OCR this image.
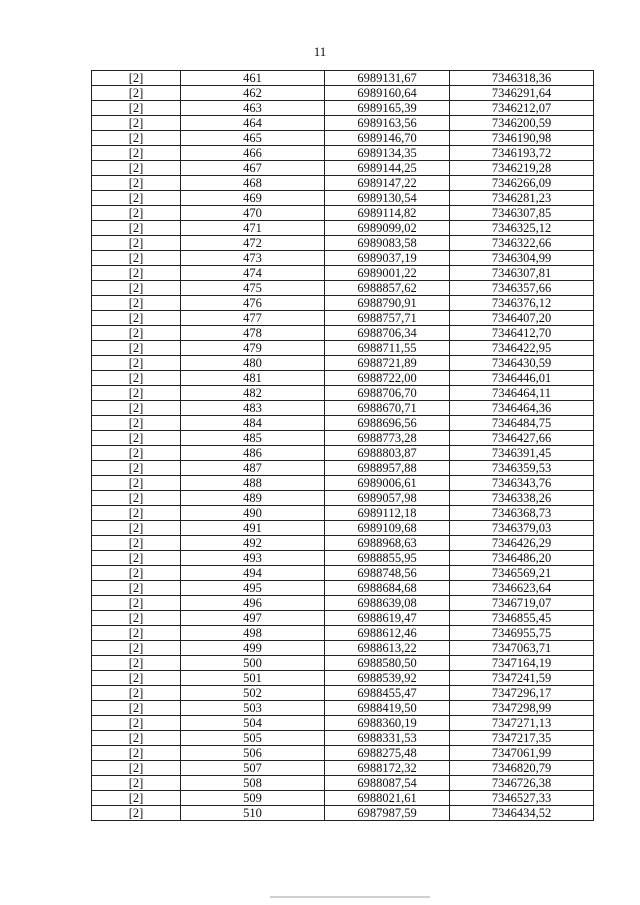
11
[2]	461	6989131,67	7346318,36
[2]	462	6989160,64	7346291,64
[2]	463	6989165,39	7346212,07
[2]	464	6989163,56	7346200,59
[2]	465	6989146,70	7346190,98
[2]	466	6989134,35	7346193,72
[2]	467	6989144,25	7346219,28
[2]	468	6989147,22	7346266,09
[2]	469	6989130,54	7346281,23
[2]	470	6989114,82	7346307,85
[2]	471	6989099,02	7346325,12
[2]	472	6989083,58	7346322,66
[2]	473	6989037,19	7346304,99
[2]	474	6989001,22	7346307,81
[2]	475	6988857,62	7346357,66
[2]	476	6988790,91	7346376,12
[2]	477	6988757,71	7346407,20
[2]	478	6988706,34	7346412,70
[2]	479	6988711,55	7346422,95
[2]	480	6988721,89	7346430,59
[2]	481	6988722,00	7346446,01
[2]	482	6988706,70	7346464,11
[2]	483	6988670,71	7346464,36
[2]	484	6988696,56	7346484,75
[2]	485	6988773,28	7346427,66
[2]	486	6988803,87	7346391,45
[2]	487	6988957,88	7346359,53
[2]	488	6989006,61	7346343,76
[2]	489	6989057,98	7346338,26
[2]	490	6989112,18	7346368,73
[2]	491	6989109,68	7346379,03
[2]	492	6988968,63	7346426,29
[2]	493	6988855,95	7346486,20
[2]	494	6988748,56	7346569,21
[2]	495	6988684,68	7346623,64
[2]	496	6988639,08	7346719,07
[2]	497	6988619,47	7346855,45
[2]	498	6988612,46	7346955,75
[2]	499	6988613,22	7347063,71
[2]	500	6988580,50	7347164,19
[2]	501	6988539,92	7347241,59
[2]	502	6988455,47	7347296,17
[2]	503	6988419,50	7347298,99
[2]	504	6988360,19	7347271,13
[2]	505	6988331,53	7347217,35
[2]	506	6988275,48	7347061,99
[2]	507	6988172,32	7346820,79
[2]	508	6988087,54	7346726,38
[2]	509	6988021,61	7346527,33
[2]	510	6987987,59	7346434,52
